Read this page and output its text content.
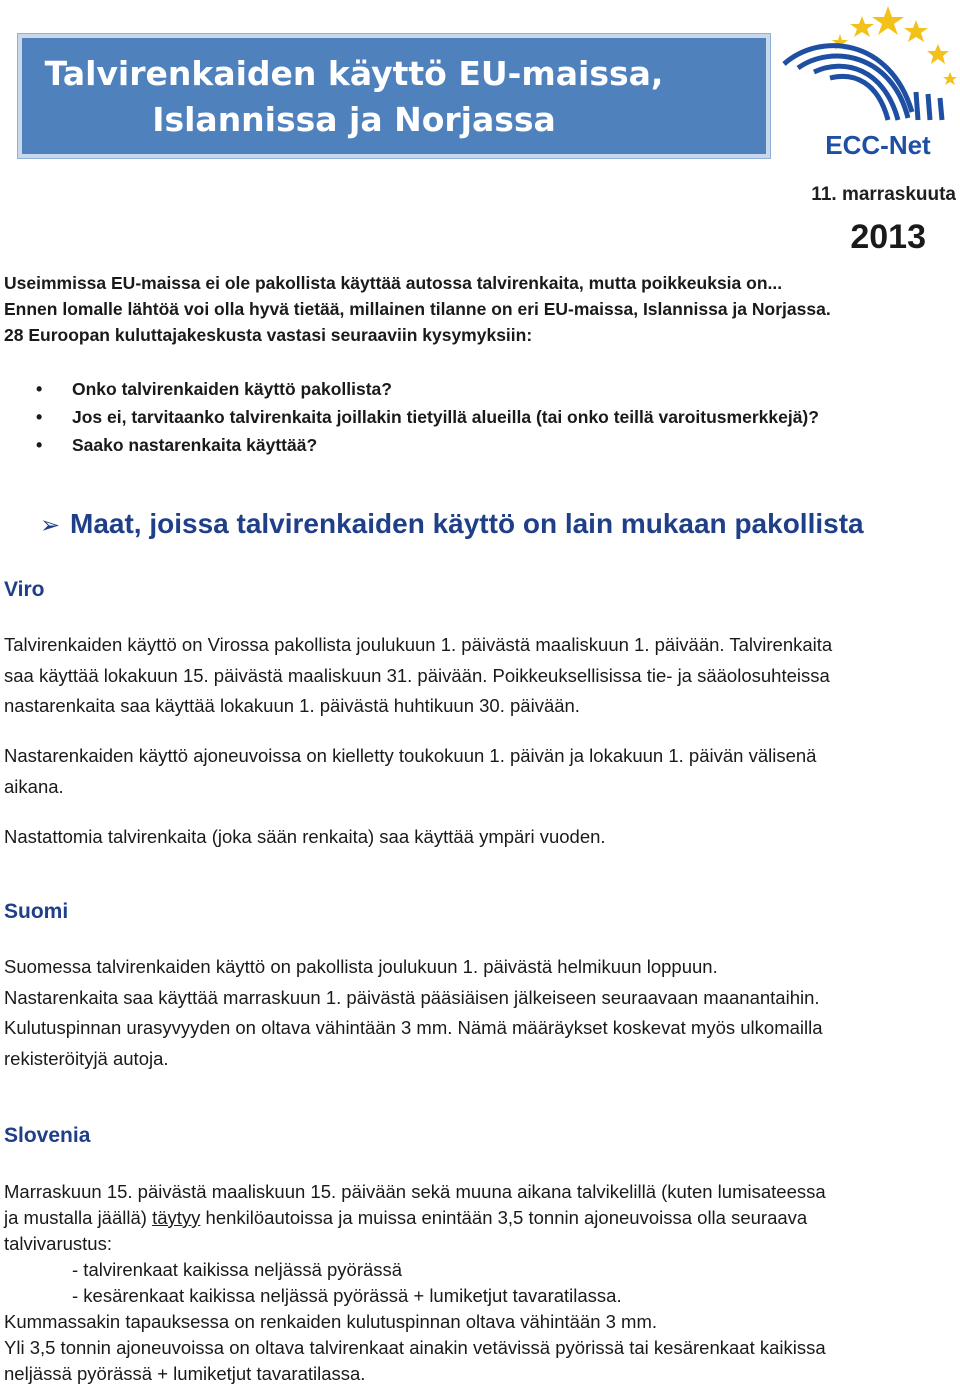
Talvirenkaiden käyttö EU-maissa,
Islannissa ja Norjassa
ECC-Net
11. marraskuuta
2013
Useimmissa EU-maissa ei ole pakollista käyttää autossa talvirenkaita, mutta poikkeuksia on...
Ennen lomalle lähtöä voi olla hyvä tietää, millainen tilanne on eri EU-maissa, Islannissa ja Norjassa.
28 Euroopan kuluttajakeskusta vastasi seuraaviin kysymyksiin:
• Onko talvirenkaiden käyttö pakollista?
• Jos ei, tarvitaanko talvirenkaita joillakin tietyillä alueilla (tai onko teillä varoitusmerkkejä)?
• Saako nastarenkaita käyttää?
➢ Maat, joissa talvirenkaiden käyttö on lain mukaan pakollista
Viro
Talvirenkaiden käyttö on Virossa pakollista joulukuun 1. päivästä maaliskuun 1. päivään. Talvirenkaita
saa käyttää lokakuun 15. päivästä maaliskuun 31. päivään. Poikkeuksellisissa tie- ja sääolosuhteissa
nastarenkaita saa käyttää lokakuun 1. päivästä huhtikuun 30. päivään.
Nastarenkaiden käyttö ajoneuvoissa on kielletty toukokuun 1. päivän ja lokakuun 1. päivän välisenä
aikana.
Nastattomia talvirenkaita (joka sään renkaita) saa käyttää ympäri vuoden.
Suomi
Suomessa talvirenkaiden käyttö on pakollista joulukuun 1. päivästä helmikuun loppuun.
Nastarenkaita saa käyttää marraskuun 1. päivästä pääsiäisen jälkeiseen seuraavaan maanantaihin.
Kulutuspinnan urasyvyyden on oltava vähintään 3 mm. Nämä määräykset koskevat myös ulkomailla
rekisteröityjä autoja.
Slovenia
Marraskuun 15. päivästä maaliskuun 15. päivään sekä muuna aikana talvikelillä (kuten lumisateessa
ja mustalla jäällä) täytyy henkilöautoissa ja muissa enintään 3,5 tonnin ajoneuvoissa olla seuraava
talvivarustus:
- talvirenkaat kaikissa neljässä pyörässä
- kesärenkaat kaikissa neljässä pyörässä + lumiketjut tavaratilassa.
Kummassakin tapauksessa on renkaiden kulutuspinnan oltava vähintään 3 mm.
Yli 3,5 tonnin ajoneuvoissa on oltava talvirenkaat ainakin vetävissä pyörissä tai kesärenkaat kaikissa
neljässä pyörässä + lumiketjut tavaratilassa.
